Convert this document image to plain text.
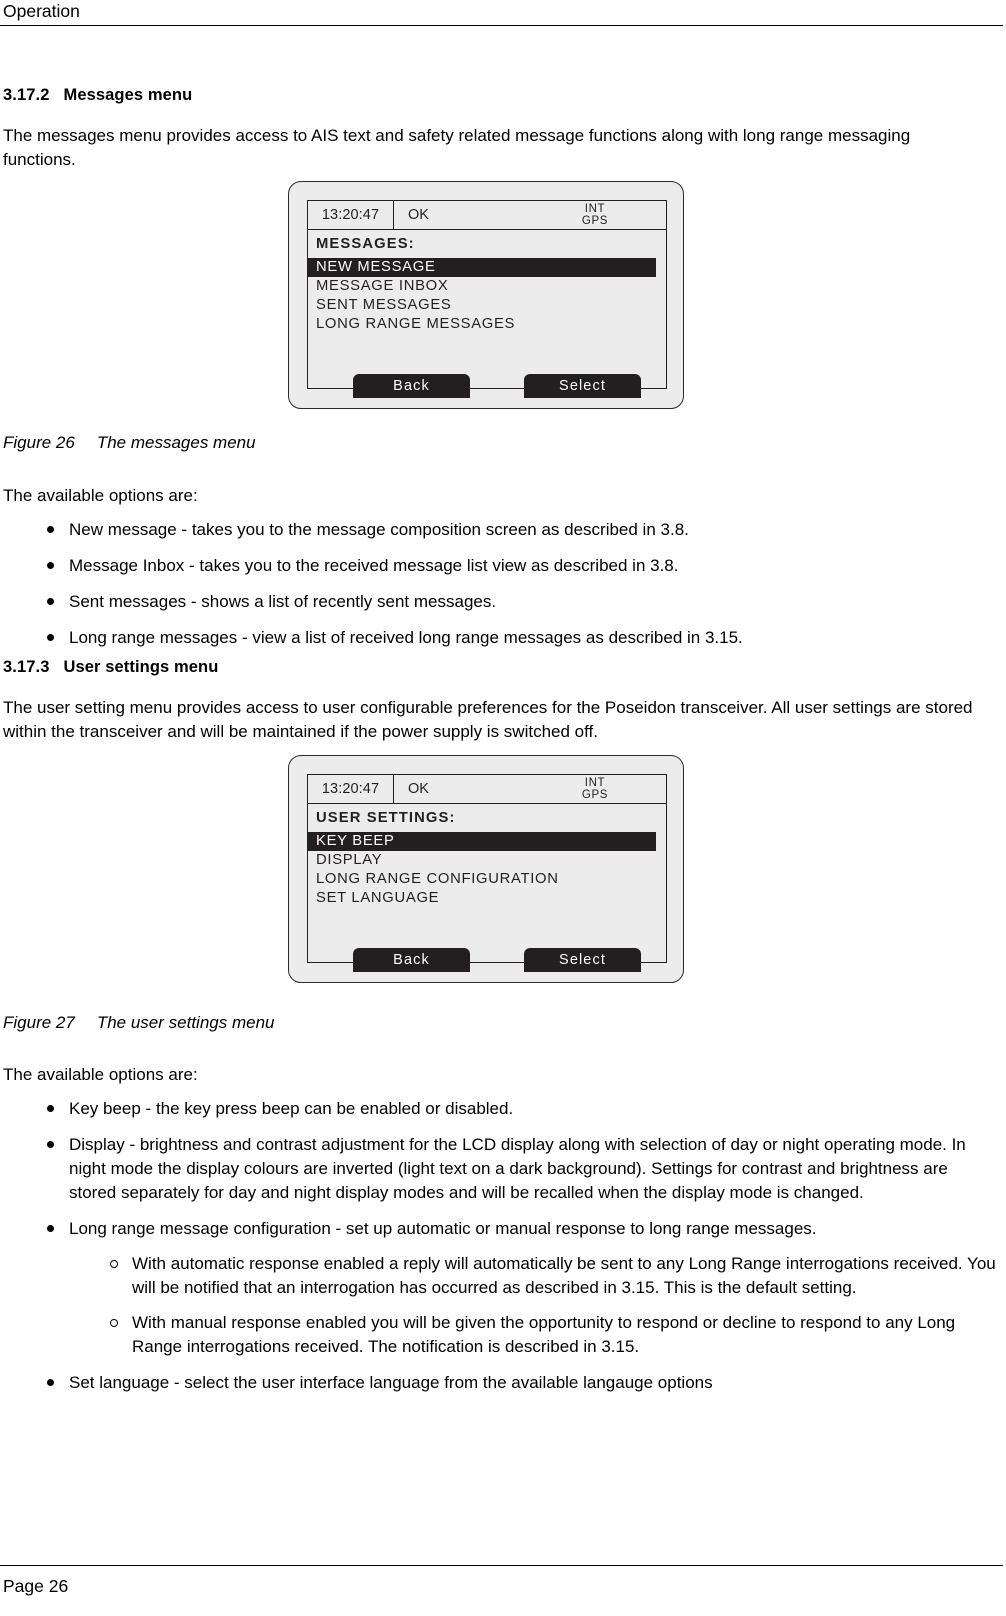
Operation
3.17.2 Messages menu

The messages menu provides access to AIS text and safety related message functions along with long range messaging functions.

13:20:47	OK	INT
GPS
MESSAGES:
NEW MESSAGE
MESSAGE INBOX
SENT MESSAGES
LONG RANGE MESSAGES
Back	Select

Figure 26 The messages menu

The available options are:

New message - takes you to the message composition screen as described in 3.8.
Message Inbox - takes you to the received message list view as described in 3.8.
Sent messages - shows a list of recently sent messages.
Long range messages - view a list of received long range messages as described in 3.15.
3.17.3 User settings menu

The user setting menu provides access to user configurable preferences for the Poseidon transceiver. All user settings are stored within the transceiver and will be maintained if the power supply is switched off.

13:20:47	OK	INT
GPS
USER SETTINGS:
KEY BEEP
DISPLAY
LONG RANGE CONFIGURATION
SET LANGUAGE
Back	Select

Figure 27 The user settings menu

The available options are:

Key beep - the key press beep can be enabled or disabled.
Display - brightness and contrast adjustment for the LCD display along with selection of day or night operating mode. In night mode the display colours are inverted (light text on a dark background). Settings for contrast and brightness are stored separately for day and night display modes and will be recalled when the display mode is changed.
Long range message configuration - set up automatic or manual response to long range messages.
With automatic response enabled a reply will automatically be sent to any Long Range interrogations received. You will be notified that an interrogation has occurred as described in 3.15. This is the default setting.
With manual response enabled you will be given the opportunity to respond or decline to respond to any Long Range interrogations received. The notification is described in 3.15.
Set language - select the user interface language from the available langauge options
Page 26
